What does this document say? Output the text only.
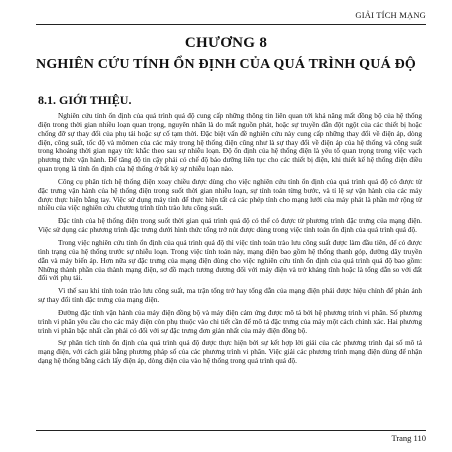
GIẢI TÍCH MẠNG
CHƯƠNG 8
NGHIÊN CỨU TÍNH ỔN ĐỊNH CỦA QUÁ TRÌNH QUÁ ĐỘ
8.1. GIỚI THIỆU.

Nghiên cứu tính ổn định của quá trình quá độ cung cấp những thông tin liên quan tới khả năng mất đồng bộ của hệ thống điện trong thời gian nhiều loạn quan trọng, nguyên nhân là do mất nguồn phát, hoặc sự truyền dẫn đột ngột của các thiết bị hoặc chống đỡ sự thay đổi của phụ tải hoặc sự cố tạm thời. Đặc biệt vấn đề nghiên cứu này cung cấp những thay đổi về điện áp, dòng điện, công suất, tốc độ và mômen của các máy trong hệ thống điện cũng như là sự thay đổi về điện áp của hệ thống và công suất trong khoảng thời gian ngay tức khắc theo sau sự nhiễu loạn. Độ ổn định của hệ thống điện là yêu tố quan trọng trong việc vạch phương thức vận hành. Để tăng độ tin cậy phải có chế độ bảo dưỡng liên tục cho các thiết bị điện, khi thiết kế hệ thống điện điều quan trọng là tính ổn định của hệ thống ở bất kỳ sự nhiễu loạn nào.

Công cụ phân tích hệ thống điện xoay chiều được dùng cho việc nghiên cứu tính ổn định của quá trình quá độ có được từ đặc trưng vận hành của hệ thống điện trong suốt thời gian nhiễu loạn, sự tính toán từng bước, và tỉ lệ sự vận hành của các máy được thực hiện bằng tay. Việc sử dụng máy tính để thực hiện tất cả các phép tính cho mạng lưới của máy phát là phần mở rộng từ nhiều của việc nghiên cứu chương trình tính trào lưu công suất.

Đặc tính của hệ thống điện trong suốt thời gian quá trình quá độ có thể có được từ phương trình đặc trưng của mạng điện. Việc sử dụng các phương trình đặc trưng dưới hình thức tổng trở nút được dùng trong việc tính toán ổn định của quá trình quá độ.

Trong việc nghiên cứu tính ổn định của quá trình quá độ thì việc tính toán trào lưu công suất được làm đầu tiên, để có được tình trạng của hệ thống trước sự nhiễu loạn. Trong việc tính toán này, mạng điện bao gồm hệ thống thanh góp, đường dây truyền dẫn và máy biến áp. Hơn nữa sự đặc trưng của mạng điện dùng cho việc nghiên cứu tính ổn định của quá trình quá độ bao gồm: Những thành phần của thành mạng điện, sơ đồ mạch tương đương đối với máy điện và trở kháng tĩnh hoặc là tổng dẫn so với đất đối với phụ tải.

Vì thế sau khi tính toán trào lưu công suất, ma trận tổng trở hay tổng dẫn của mạng điện phải được hiệu chỉnh để phản ánh sự thay đổi tính đặc trưng của mạng điện.

Đường đặc tính vận hành của máy điện đồng bộ và máy điện cảm ứng được mô tả bởi hệ phương trình vi phân. Số phương trình vi phân yêu cầu cho các máy điện còn phụ thuộc vào chi tiết cần để mô tả đặc trưng của máy một cách chính xác. Hai phương trình vi phân bậc nhất cần phải có đối với sự đặc trưng đơn giản nhất của máy điện đồng bộ.

Sự phân tích tính ổn định của quá trình quá độ được thực hiện bởi sự kết hợp lời giải của các phương trình đại số mô tả mạng điện, với cách giải bằng phương pháp số của các phương trình vi phân. Việc giải các phương trình mạng điện dùng để nhận dạng hệ thống bằng cách lấy điện áp, dòng điện của vào hệ thống trong quá trình quá độ.

Trang 110
